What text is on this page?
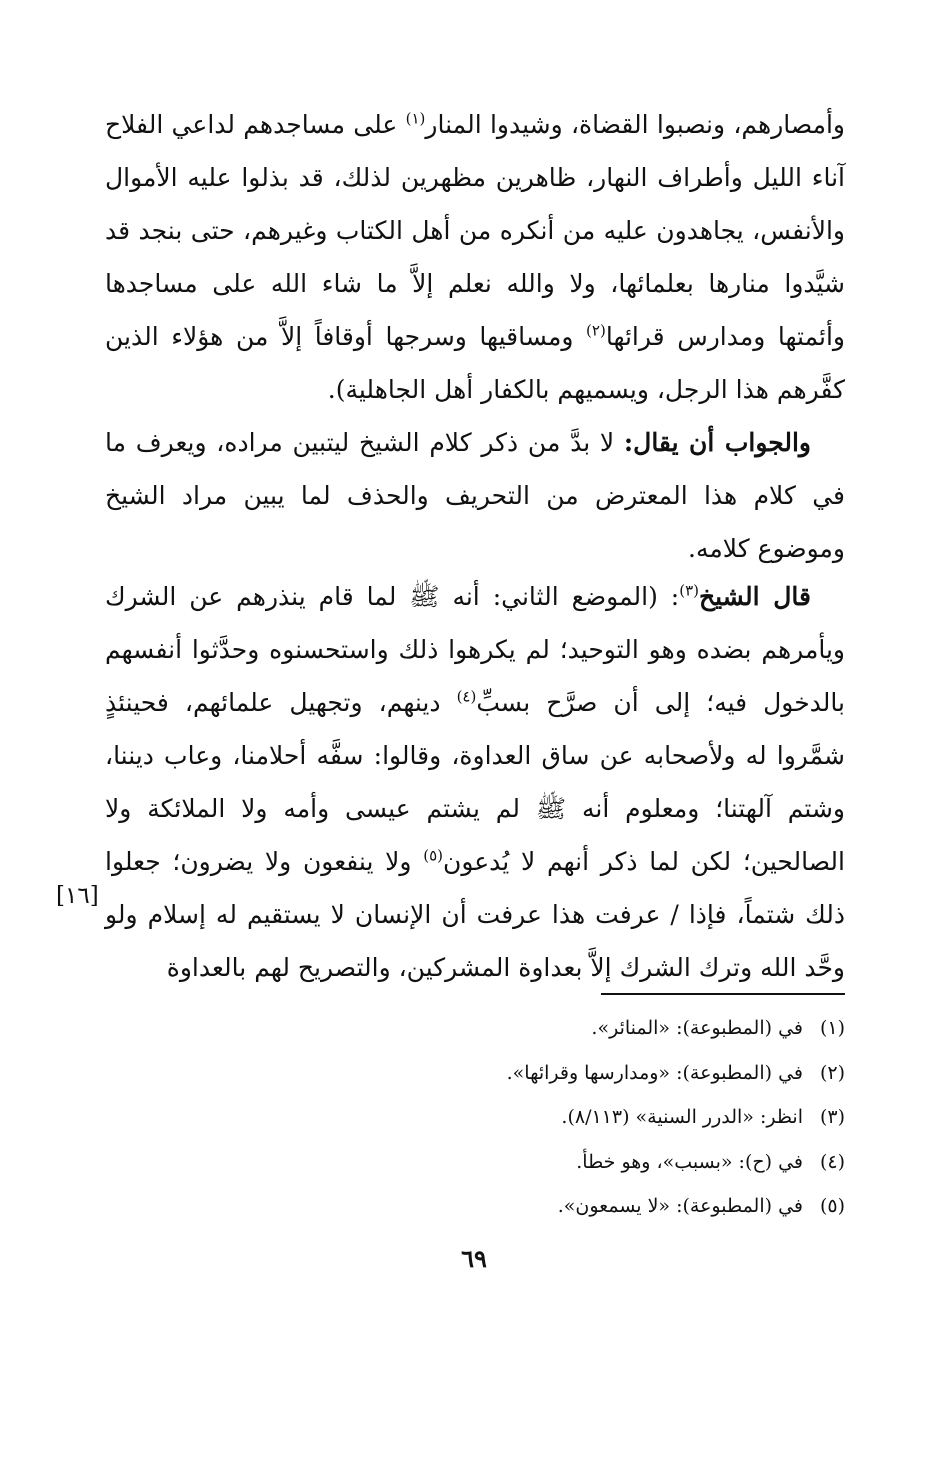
وأمصارهم، ونصبوا القضاة، وشيدوا المنار$^{(١)}$ على مساجدهم لداعي الفلاح آناء الليل وأطراف النهار، ظاهرين مظهرين لذلك، قد بذلوا عليه الأموال والأنفس، يجاهدون عليه من أنكره من أهل الكتاب وغيرهم، حتى بنجد قد شيَّدوا منارها بعلمائها، ولا والله نعلم إلاَّ ما شاء الله على مساجدها وأئمتها ومدارس قرائها$^{(٢)}$ ومساقيها وسرجها أوقافاً إلاَّ من هؤلاء الذين كفَّرهم هذا الرجل، ويسميهم بالكفار أهل الجاهلية).

والجواب أن يقال: لا بدَّ من ذكر كلام الشيخ ليتبين مراده، ويعرف ما في كلام هذا المعترض من التحريف والحذف لما يبين مراد الشيخ وموضوع كلامه.

قال الشيخ$^{(٣)}$: (الموضع الثاني: أنه ﷺ لما قام ينذرهم عن الشرك ويأمرهم بضده وهو التوحيد؛ لم يكرهوا ذلك واستحسنوه وحدَّثوا أنفسهم بالدخول فيه؛ إلى أن صرَّح بسبِّ$^{(٤)}$ دينهم، وتجهيل علمائهم، فحينئذٍ شمَّروا له ولأصحابه عن ساق العداوة، وقالوا: سفَّه أحلامنا، وعاب ديننا، وشتم آلهتنا؛ ومعلوم أنه ﷺ لم يشتم عيسى وأمه ولا الملائكة ولا الصالحين؛ لكن لما ذكر أنهم لا يُدعون$^{(٥)}$ ولا ينفعون ولا يضرون؛ جعلوا ذلك شتماً، فإذا / عرفت هذا عرفت أن الإنسان لا يستقيم له إسلام ولو وحَّد الله وترك الشرك إلاَّ بعداوة المشركين، والتصريح لهم بالعداوة

[١٦]
(١)
في (المطبوعة): «المنائر».
(٢)
في (المطبوعة): «ومدارسها وقرائها».
(٣)
انظر: «الدرر السنية» (٨/١١٣).
(٤)
في (ح): «بسبب»، وهو خطأ.
(٥)
في (المطبوعة): «لا يسمعون».
٦٩
